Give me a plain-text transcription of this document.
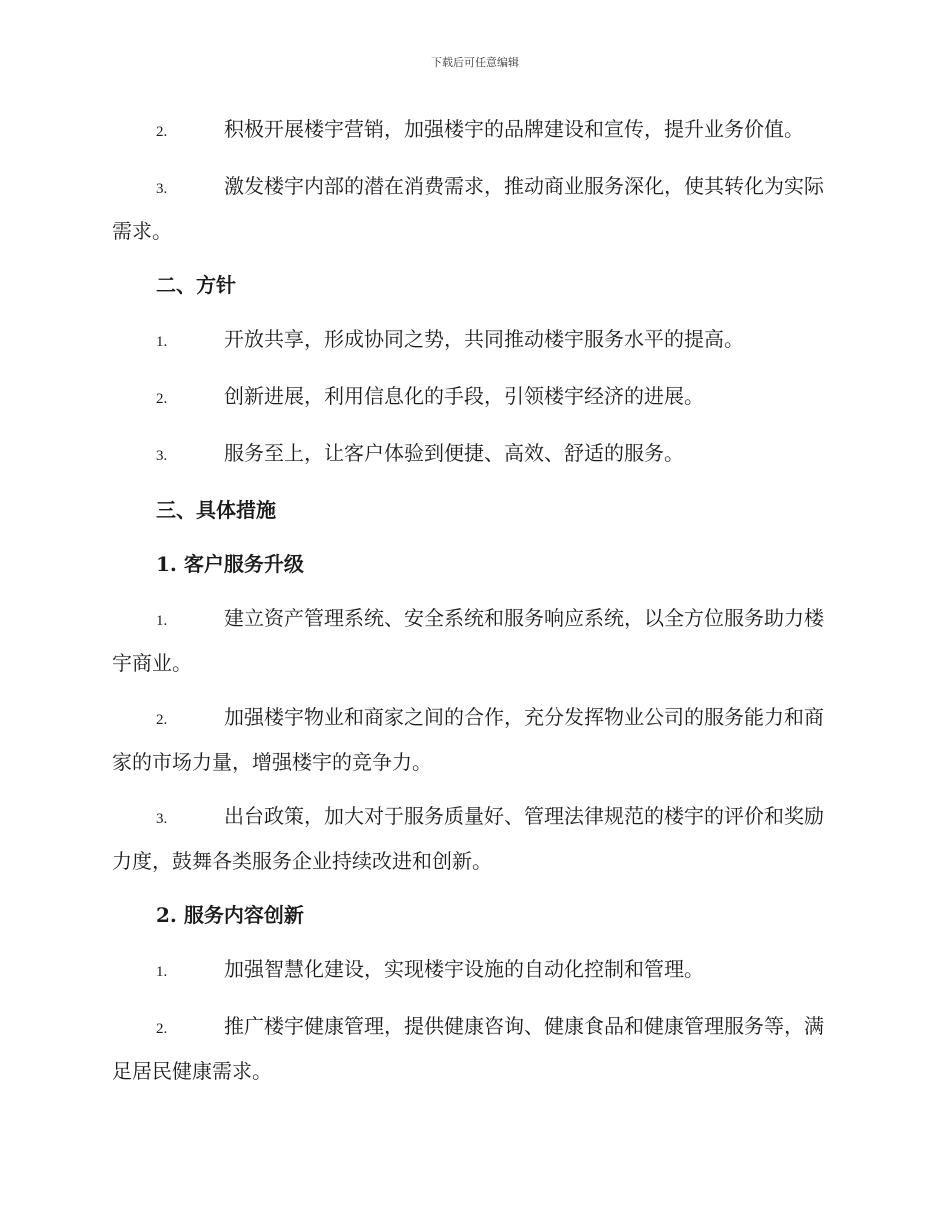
下载后可任意编辑

2.	积极开展楼宇营销，加强楼宇的品牌建设和宣传，提升业务价值。

3.	激发楼宇内部的潜在消费需求，推动商业服务深化，使其转化为实际需求。

二、方针

1.	开放共享，形成协同之势，共同推动楼宇服务水平的提高。

2.	创新进展，利用信息化的手段，引领楼宇经济的进展。

3.	服务至上，让客户体验到便捷、高效、舒适的服务。

三、具体措施

1. 客户服务升级

1.	建立资产管理系统、安全系统和服务响应系统，以全方位服务助力楼宇商业。

2.	加强楼宇物业和商家之间的合作，充分发挥物业公司的服务能力和商家的市场力量，增强楼宇的竞争力。

3.	出台政策，加大对于服务质量好、管理法律规范的楼宇的评价和奖励力度，鼓舞各类服务企业持续改进和创新。

2. 服务内容创新

1.	加强智慧化建设，实现楼宇设施的自动化控制和管理。

2.	推广楼宇健康管理，提供健康咨询、健康食品和健康管理服务等，满足居民健康需求。
